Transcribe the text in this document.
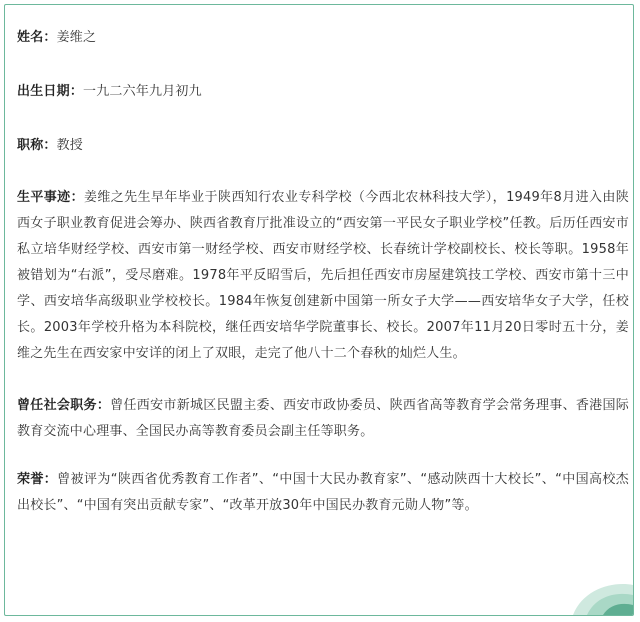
姓名：姜维之

出生日期：一九二六年九月初九

职称：教授

生平事迹：姜维之先生早年毕业于陕西知行农业专科学校（今西北农林科技大学），1949年8月进入由陕西女子职业教育促进会筹办、陕西省教育厅批准设立的“西安第一平民女子职业学校”任教。后历任西安市私立培华财经学校、西安市第一财经学校、西安市财经学校、长春统计学校副校长、校长等职。1958年被错划为“右派”，受尽磨难。1978年平反昭雪后，先后担任西安市房屋建筑技工学校、西安市第十三中学、西安培华高级职业学校校长。1984年恢复创建新中国第一所女子大学——西安培华女子大学，任校长。2003年学校升格为本科院校，继任西安培华学院董事长、校长。2007年11月20日零时五十分，姜维之先生在西安家中安详的闭上了双眼，走完了他八十二个春秋的灿烂人生。

曾任社会职务：曾任西安市新城区民盟主委、西安市政协委员、陕西省高等教育学会常务理事、香港国际教育交流中心理事、全国民办高等教育委员会副主任等职务。

荣誉：曾被评为“陕西省优秀教育工作者”、“中国十大民办教育家”、“感动陕西十大校长”、“中国高校杰出校长”、“中国有突出贡献专家”、“改革开放30年中国民办教育元勋人物”等。
